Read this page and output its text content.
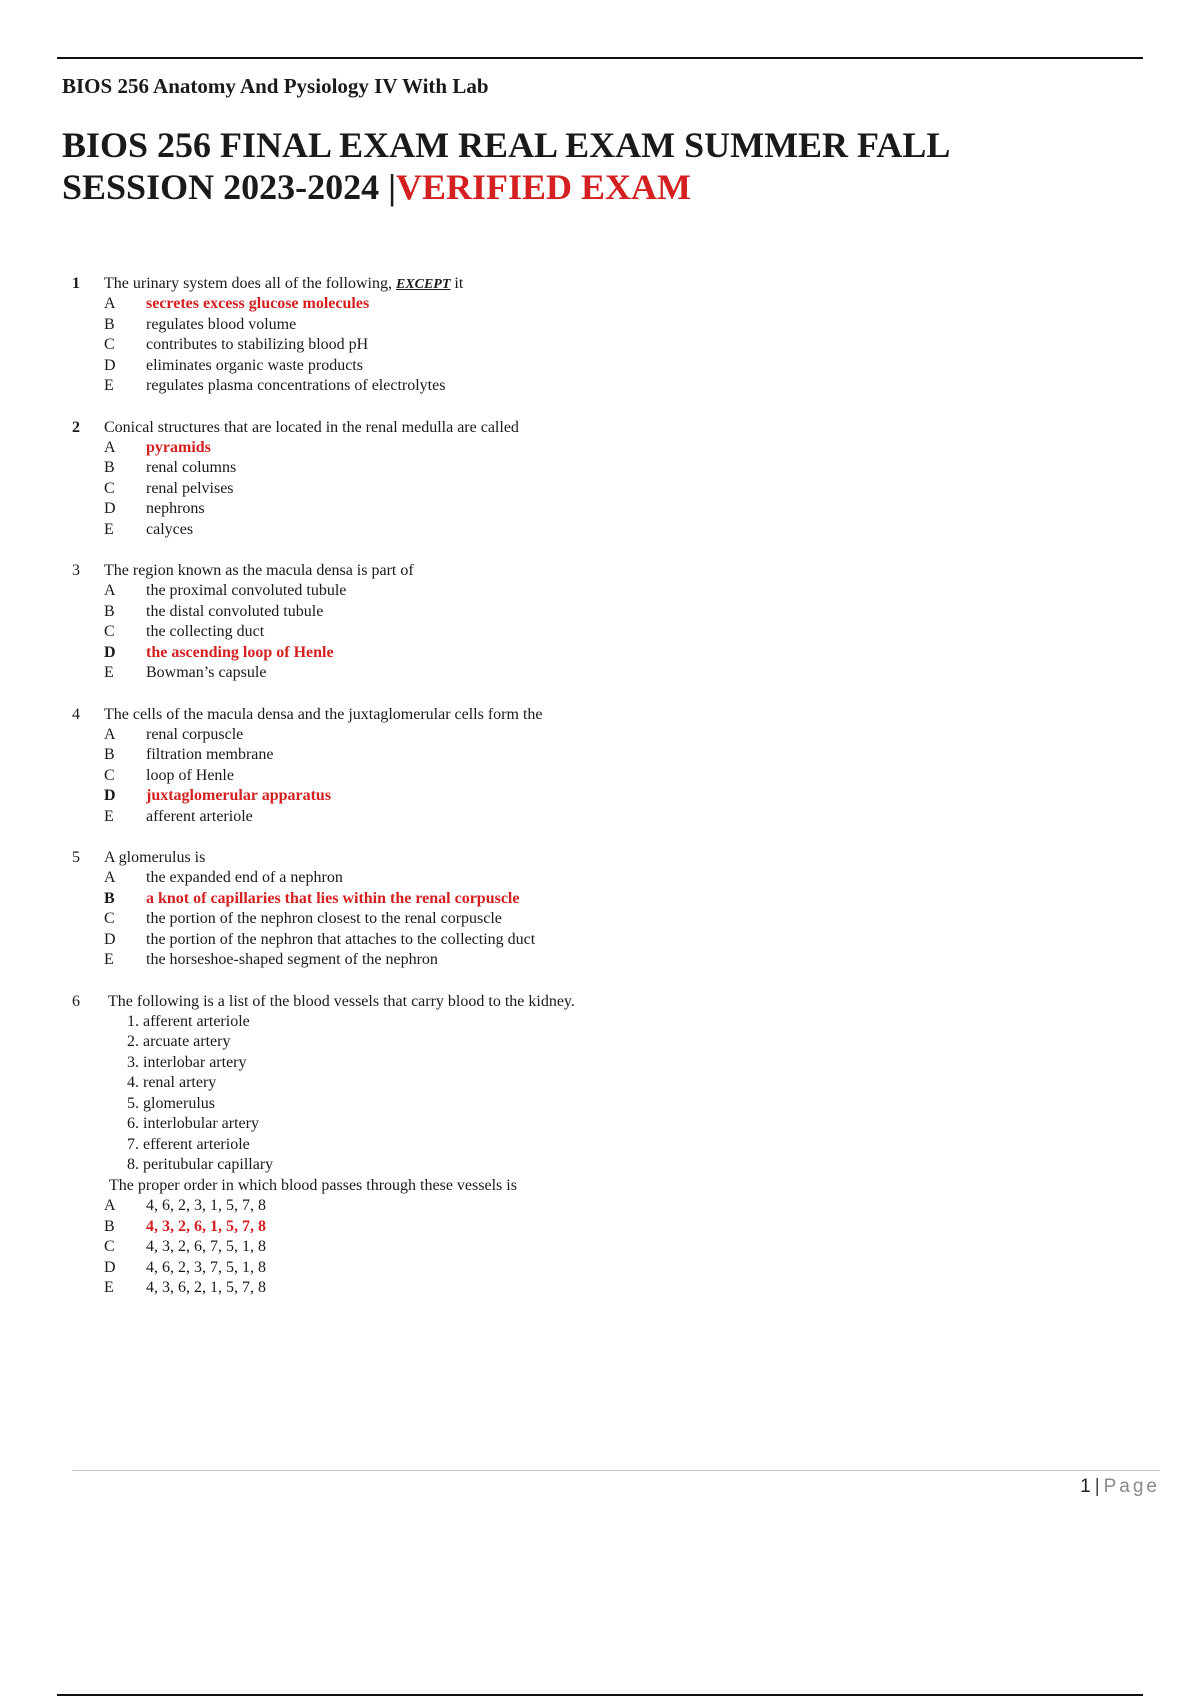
BIOS 256 Anatomy And Pysiology IV With Lab
BIOS 256 FINAL EXAM REAL EXAM SUMMER FALL
SESSION 2023-2024 |VERIFIED EXAM
1	The urinary system does all of the following, EXCEPT it
A	secretes excess glucose molecules
B	regulates blood volume
C	contributes to stabilizing blood pH
D	eliminates organic waste products
E	regulates plasma concentrations of electrolytes
2	Conical structures that are located in the renal medulla are called
A	pyramids
B	renal columns
C	renal pelvises
D	nephrons
E	calyces
3	The region known as the macula densa is part of
A	the proximal convoluted tubule
B	the distal convoluted tubule
C	the collecting duct
D	the ascending loop of Henle
E	Bowman’s capsule
4	The cells of the macula densa and the juxtaglomerular cells form the
A	renal corpuscle
B	filtration membrane
C	loop of Henle
D	juxtaglomerular apparatus
E	afferent arteriole
5	A glomerulus is
A	the expanded end of a nephron
B	a knot of capillaries that lies within the renal corpuscle
C	the portion of the nephron closest to the renal corpuscle
D	the portion of the nephron that attaches to the collecting duct
E	the horseshoe-shaped segment of the nephron
6	The following is a list of the blood vessels that carry blood to the kidney.
1. afferent arteriole
2. arcuate artery
3. interlobar artery
4. renal artery
5. glomerulus
6. interlobular artery
7. efferent arteriole
8. peritubular capillary
The proper order in which blood passes through these vessels is
A	4, 6, 2, 3, 1, 5, 7, 8
B	4, 3, 2, 6, 1, 5, 7, 8
C	4, 3, 2, 6, 7, 5, 1, 8
D	4, 6, 2, 3, 7, 5, 1, 8
E	4, 3, 6, 2, 1, 5, 7, 8
1 | Page
